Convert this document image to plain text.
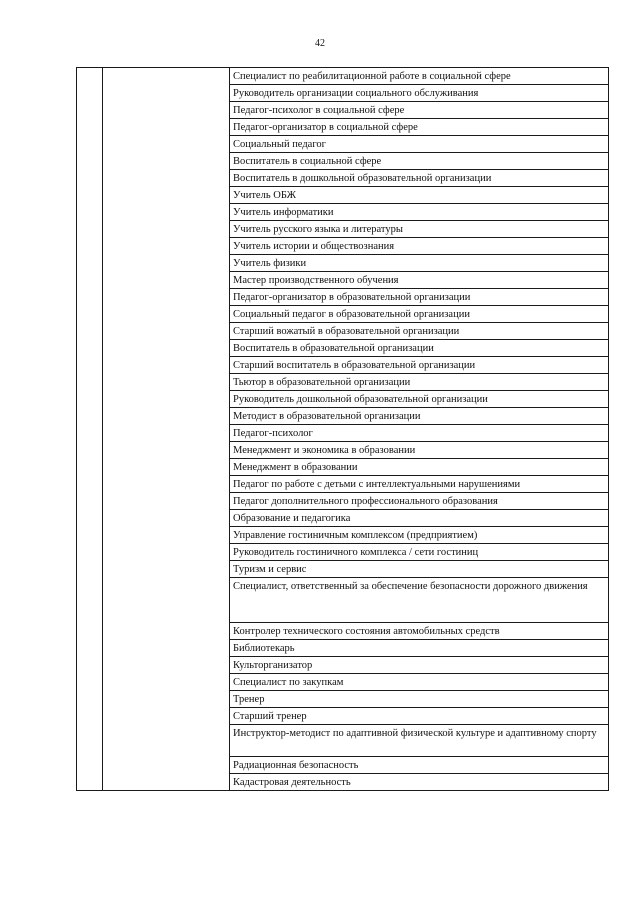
42
		Специалист по реабилитационной работе в социальной сфере
Руководитель организации социального обслуживания
Педагог-психолог в социальной сфере
Педагог-организатор в социальной сфере
Социальный педагог
Воспитатель в социальной сфере
Воспитатель в дошкольной образовательной организации
Учитель ОБЖ
Учитель информатики
Учитель русского языка и литературы
Учитель истории и обществознания
Учитель физики
Мастер производственного обучения
Педагог-организатор в образовательной организации
Социальный педагог в образовательной организации
Старший вожатый в образовательной организации
Воспитатель в образовательной организации
Старший воспитатель в образовательной организации
Тьютор в образовательной организации
Руководитель дошкольной образовательной организации
Методист в образовательной организации
Педагог-психолог
Менеджмент и экономика в образовании
Менеджмент в образовании
Педагог по работе с детьми с интеллектуальными нарушениями
Педагог дополнительного профессионального образования
Образование и педагогика
Управление гостиничным комплексом (предприятием)
Руководитель гостиничного комплекса / сети гостиниц
Туризм и сервис
Специалист, ответственный за обеспечение безопасности дорожного движения
Контролер технического состояния автомобильных средств
Библиотекарь
Культорганизатор
Специалист по закупкам
Тренер
Старший тренер
Инструктор-методист по адаптивной физической культуре и адаптивному спорту
Радиационная безопасность
Кадастровая деятельность
